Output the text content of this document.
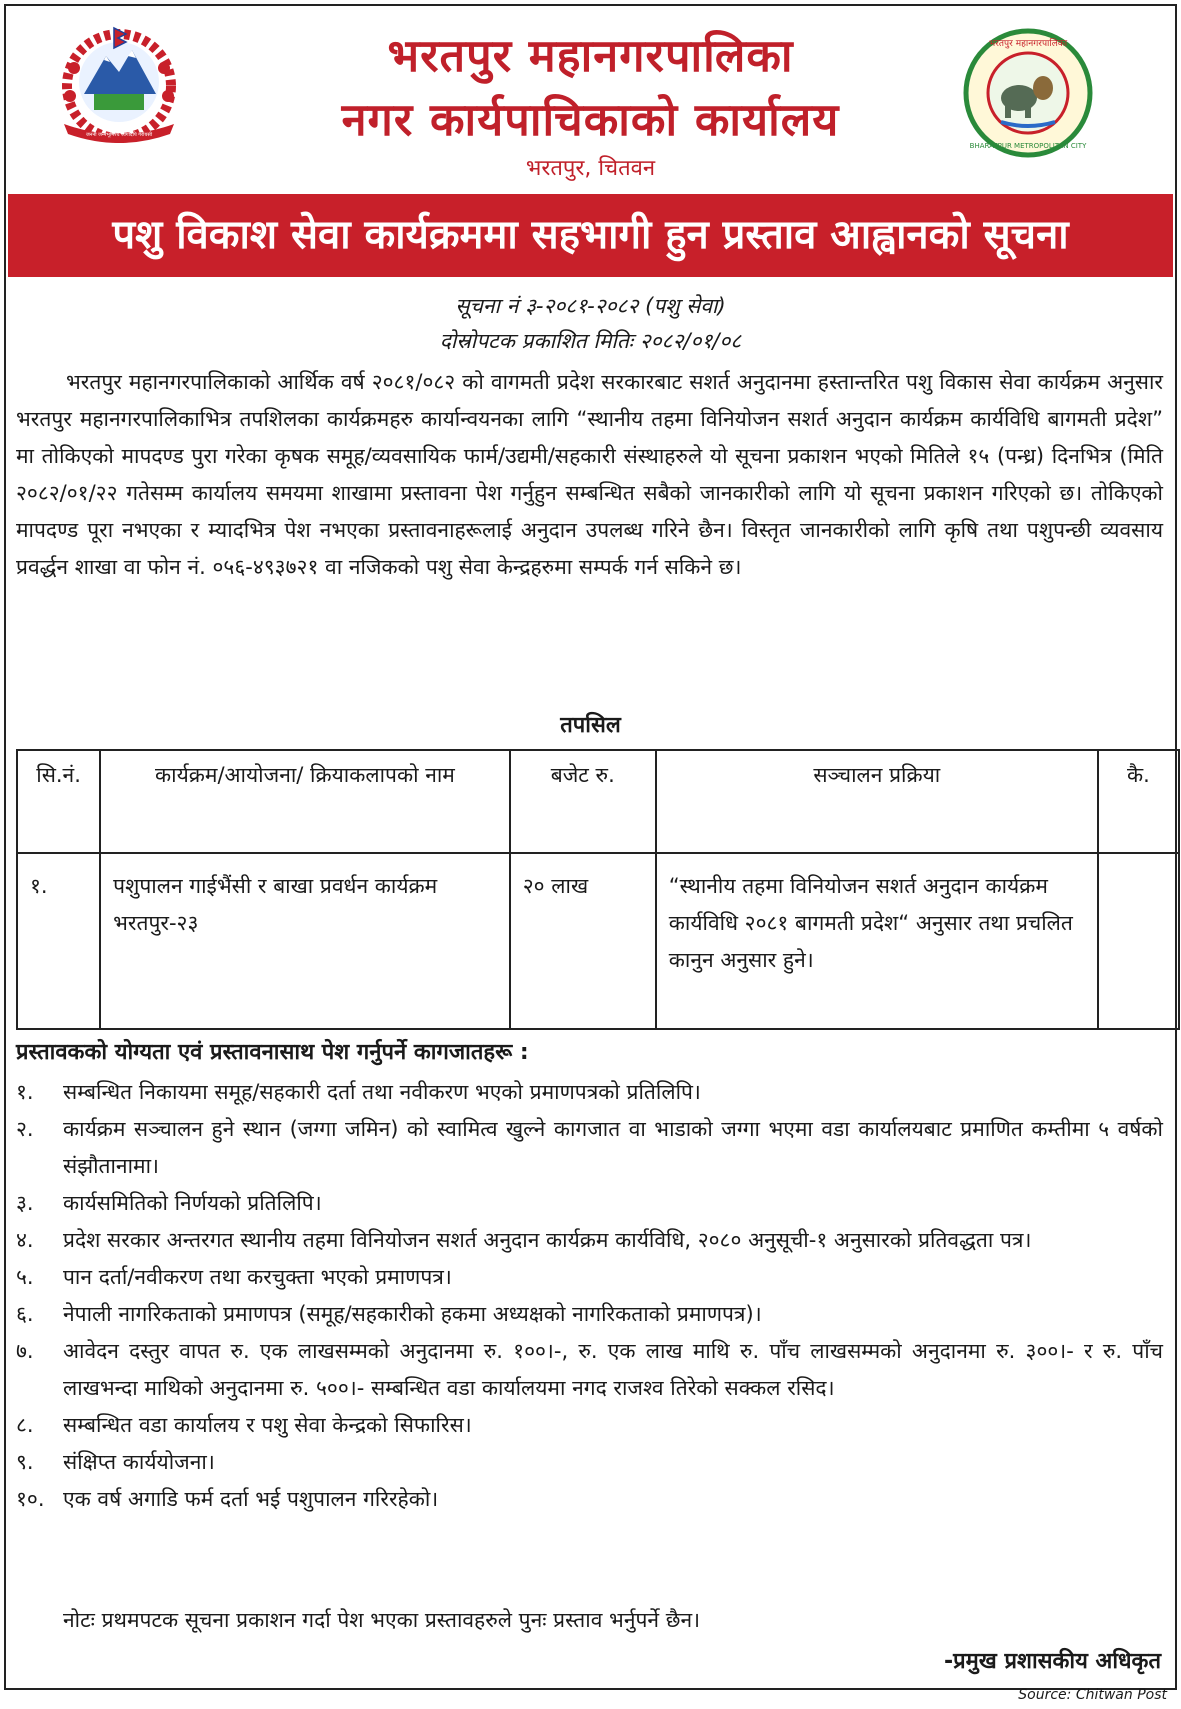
जननी जन्मभूमिश्च स्वर्गादपि गरीयसी
भरतपुर महानगरपालिका
BHARATPUR METROPOLITAN CITY
भरतपुर महानगरपालिका
नगर कार्यपाचिकाको कार्यालय
भरतपुर, चितवन
पशु विकाश सेवा कार्यक्रममा सहभागी हुन प्रस्ताव आह्वानको सूचना
सूचना नं ३-२०८१-२०८२ (पशु सेवा)
दोस्रोपटक प्रकाशित मितिः २०८२/०१/०८

भरतपुर महानगरपालिकाको आर्थिक वर्ष २०८१/०८२ को वागमती प्रदेश सरकारबाट सशर्त अनुदानमा हस्तान्तरित पशु विकास सेवा कार्यक्रम अनुसार भरतपुर महानगरपालिकाभित्र तपशिलका कार्यक्रमहरु कार्यान्वयनका लागि “स्थानीय तहमा विनियोजन सशर्त अनुदान कार्यक्रम कार्यविधि बागमती प्रदेश” मा तोकिएको मापदण्ड पुरा गरेका कृषक समूह/व्यवसायिक फार्म/उद्यमी/सहकारी संस्थाहरुले यो सूचना प्रकाशन भएको मितिले १५ (पन्ध्र) दिनभित्र (मिति २०८२/०१/२२ गतेसम्म कार्यालय समयमा शाखामा प्रस्तावना पेश गर्नुहुन सम्बन्धित सबैको जानकारीको लागि यो सूचना प्रकाशन गरिएको छ। तोकिएको मापदण्ड पूरा नभएका र म्यादभित्र पेश नभएका प्रस्तावनाहरूलाई अनुदान उपलब्ध गरिने छैन। विस्तृत जानकारीको लागि कृषि तथा पशुपन्छी व्यवसाय प्रवर्द्धन शाखा वा फोन नं. ०५६-४९३७२१ वा नजिकको पशु सेवा केन्द्रहरुमा सम्पर्क गर्न सकिने छ।

तपसिल
सि.नं.	कार्यक्रम/आयोजना/ क्रियाकलापको नाम	बजेट रु.	सञ्चालन प्रक्रिया	कै.
१.	पशुपालन गाईभैंसी र बाखा प्रवर्धन कार्यक्रम भरतपुर-२३	२० लाख	“स्थानीय तहमा विनियोजन सशर्त अनुदान कार्यक्रम कार्यविधि २०८१ बागमती प्रदेश“ अनुसार तथा प्रचलित कानुन अनुसार हुने।	
प्रस्तावकको योग्यता एवं प्रस्तावनासाथ पेश गर्नुपर्ने कागजातहरू :
१. सम्बन्धित निकायमा समूह/सहकारी दर्ता तथा नवीकरण भएको प्रमाणपत्रको प्रतिलिपि।
२. कार्यक्रम सञ्चालन हुने स्थान (जग्गा जमिन) को स्वामित्व खुल्ने कागजात वा भाडाको जग्गा भएमा वडा कार्यालयबाट प्रमाणित कम्तीमा ५ वर्षको संझौतानामा।
३. कार्यसमितिको निर्णयको प्रतिलिपि।
४. प्रदेश सरकार अन्तरगत स्थानीय तहमा विनियोजन सशर्त अनुदान कार्यक्रम कार्यविधि, २०८० अनुसूची-१ अनुसारको प्रतिवद्धता पत्र।
५. पान दर्ता/नवीकरण तथा करचुक्ता भएको प्रमाणपत्र।
६. नेपाली नागरिकताको प्रमाणपत्र (समूह/सहकारीको हकमा अध्यक्षको नागरिकताको प्रमाणपत्र)।
७. आवेदन दस्तुर वापत रु. एक लाखसम्मको अनुदानमा रु. १००।-, रु. एक लाख माथि रु. पाँच लाखसम्मको अनुदानमा रु. ३००।- र रु. पाँच लाखभन्दा माथिको अनुदानमा रु. ५००।- सम्बन्धित वडा कार्यालयमा नगद राजश्व तिरेको सक्कल रसिद।
८. सम्बन्धित वडा कार्यालय र पशु सेवा केन्द्रको सिफारिस।
९. संक्षिप्त कार्ययोजना।
१०. एक वर्ष अगाडि फर्म दर्ता भई पशुपालन गरिरहेको।
नोटः प्रथमपटक सूचना प्रकाशन गर्दा पेश भएका प्रस्तावहरुले पुनः प्रस्ताव भर्नुपर्ने छैन।
-प्रमुख प्रशासकीय अधिकृत
Source: Chitwan Post
